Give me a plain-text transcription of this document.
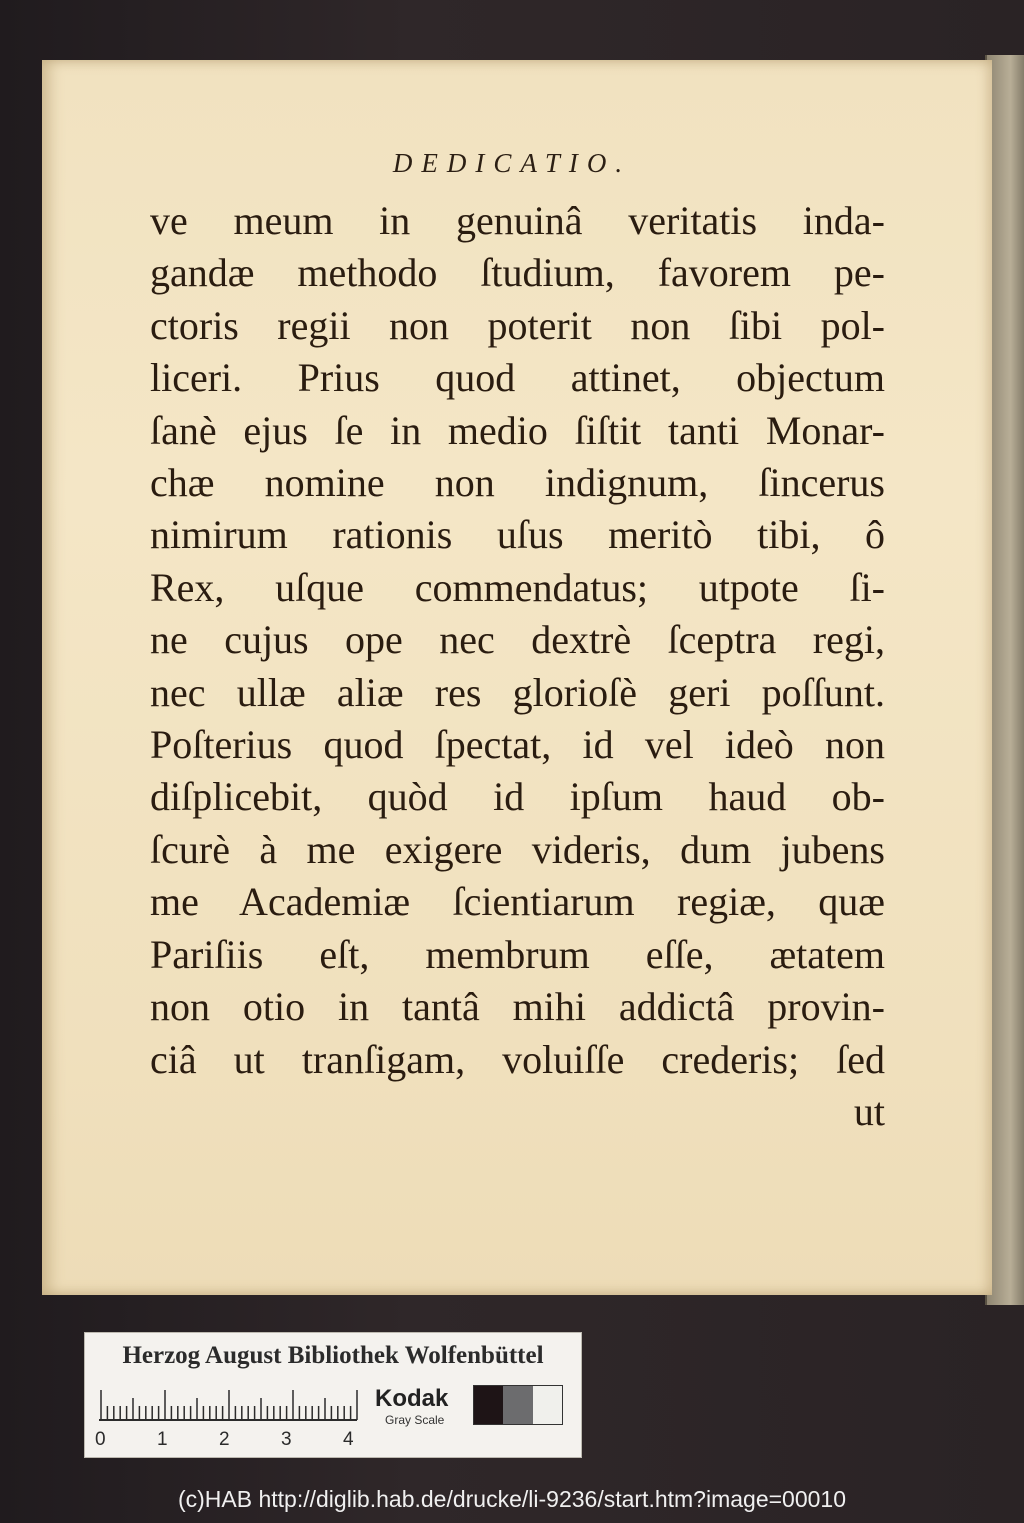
DEDICATIO.
ve meum in genuinâ veritatis inda-
gandæ methodo ſtudium, favorem pe-
ctoris regii non poterit non ſibi pol-
liceri. Prius quod attinet, objectum
ſanè ejus ſe in medio ſiſtit tanti Monar-
chæ nomine non indignum, ſincerus
nimirum rationis uſus meritò tibi, ô
Rex, uſque commendatus; utpote ſi-
ne cujus ope nec dextrè ſceptra regi,
nec ullæ aliæ res glorioſè geri poſſunt.
Poſterius quod ſpectat, id vel ideò non
diſplicebit, quòd id ipſum haud ob-
ſcurè à me exigere videris, dum jubens
me Academiæ ſcientiarum regiæ, quæ
Pariſiis eſt, membrum eſſe, ætatem
non otio in tantâ mihi addictâ provin-
ciâ ut tranſigam, voluiſſe crederis; ſed
ut
Herzog August Bibliothek Wolfenbüttel
0	1	2	3	4
Kodak
Gray Scale
(c)HAB http://diglib.hab.de/drucke/li-9236/start.htm?image=00010
